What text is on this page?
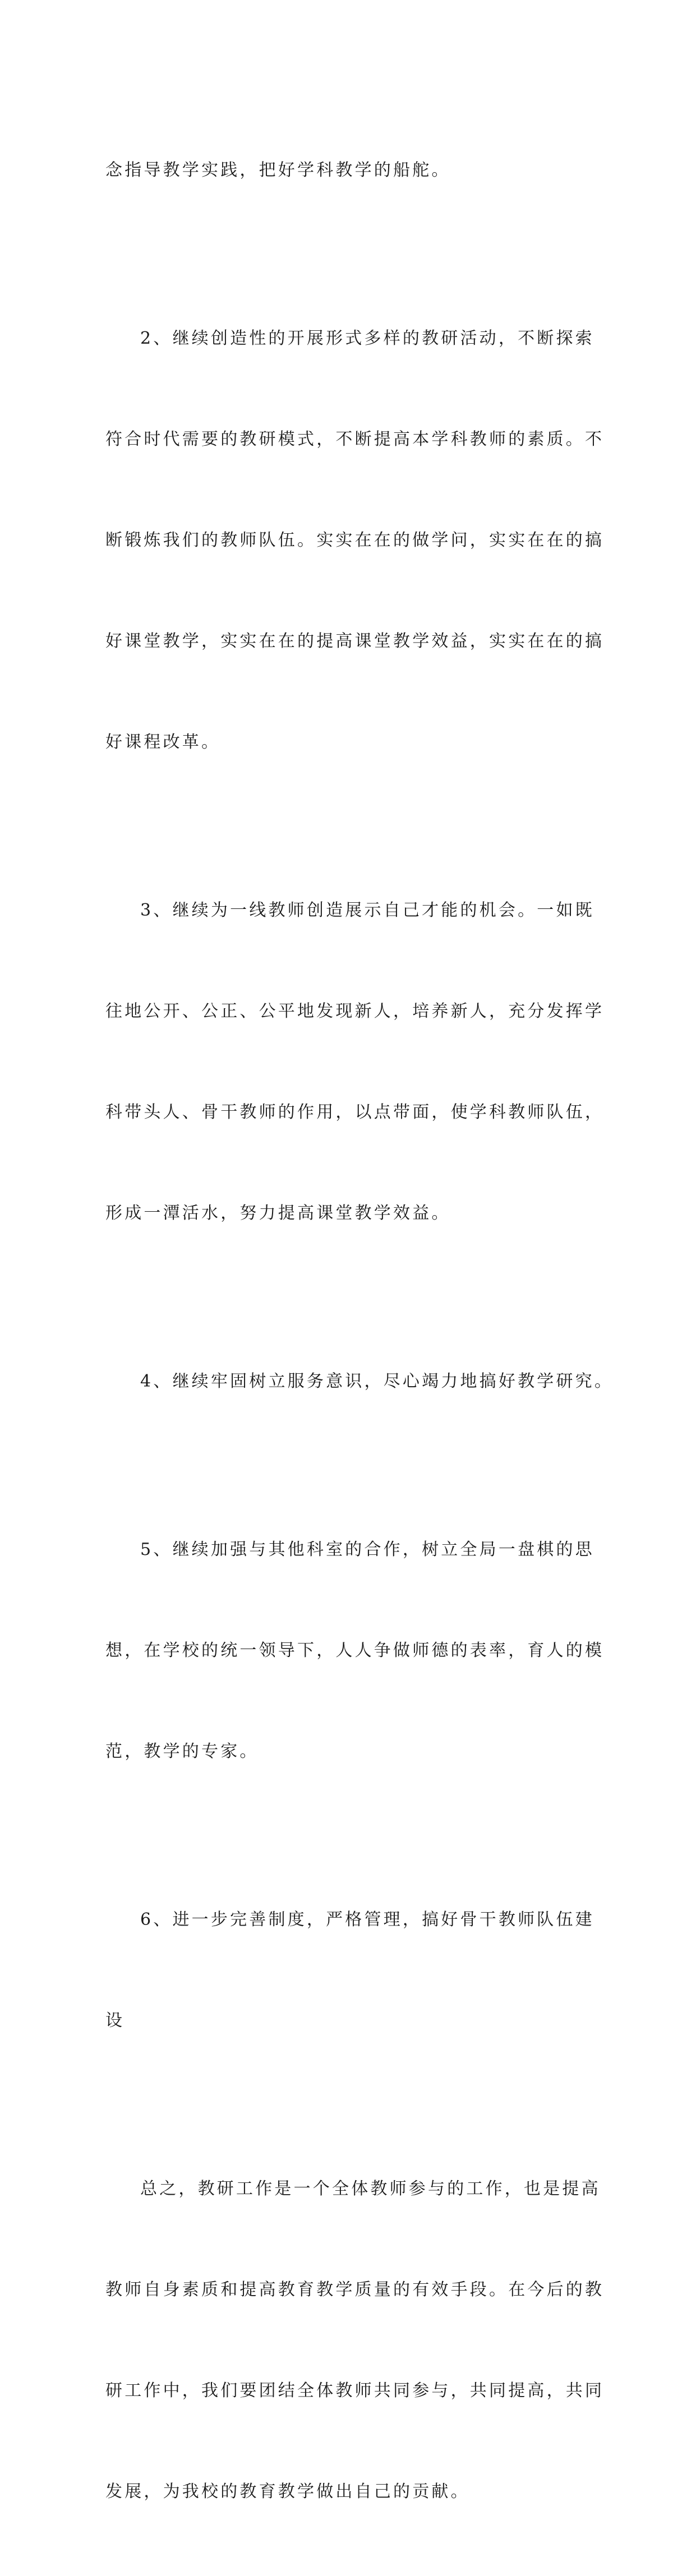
念指导教学实践，把好学科教学的船舵。

2、继续创造性的开展形式多样的教研活动，不断探索

符合时代需要的教研模式，不断提高本学科教师的素质。不

断锻炼我们的教师队伍。实实在在的做学问，实实在在的搞

好课堂教学，实实在在的提高课堂教学效益，实实在在的搞

好课程改革。

3、继续为一线教师创造展示自己才能的机会。一如既

往地公开、公正、公平地发现新人，培养新人，充分发挥学

科带头人、骨干教师的作用，以点带面，使学科教师队伍，

形成一潭活水，努力提高课堂教学效益。

4、继续牢固树立服务意识，尽心竭力地搞好教学研究。

5、继续加强与其他科室的合作，树立全局一盘棋的思

想，在学校的统一领导下，人人争做师德的表率，育人的模

范，教学的专家。

6、进一步完善制度，严格管理，搞好骨干教师队伍建

设

总之，教研工作是一个全体教师参与的工作，也是提高

教师自身素质和提高教育教学质量的有效手段。在今后的教

研工作中，我们要团结全体教师共同参与，共同提高，共同

发展，为我校的教育教学做出自己的贡献。
